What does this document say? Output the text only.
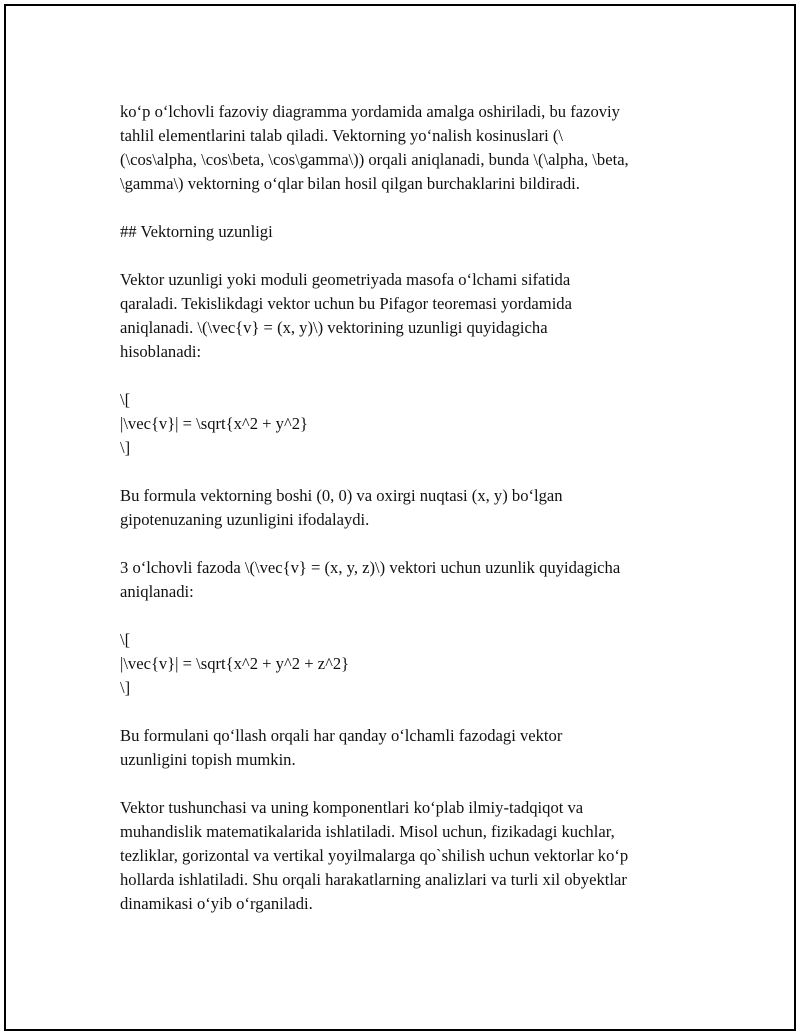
ko‘p o‘lchovli fazoviy diagramma yordamida amalga oshiriladi, bu fazoviy
tahlil elementlarini talab qiladi. Vektorning yo‘nalish kosinuslari (\
(\cos\alpha, \cos\beta, \cos\gamma\)) orqali aniqlanadi, bunda \(\alpha, \beta,
\gamma\) vektorning o‘qlar bilan hosil qilgan burchaklarini bildiradi.

## Vektorning uzunligi

Vektor uzunligi yoki moduli geometriyada masofa o‘lchami sifatida
qaraladi. Tekislikdagi vektor uchun bu Pifagor teoremasi yordamida
aniqlanadi. \(\vec{v} = (x, y)\) vektorining uzunligi quyidagicha
hisoblanadi:

\[
|\vec{v}| = \sqrt{x^2 + y^2}
\]

Bu formula vektorning boshi (0, 0) va oxirgi nuqtasi (x, y) bo‘lgan
gipotenuzaning uzunligini ifodalaydi.

3 o‘lchovli fazoda \(\vec{v} = (x, y, z)\) vektori uchun uzunlik quyidagicha
aniqlanadi:

\[
|\vec{v}| = \sqrt{x^2 + y^2 + z^2}
\]

Bu formulani qo‘llash orqali har qanday o‘lchamli fazodagi vektor
uzunligini topish mumkin.

Vektor tushunchasi va uning komponentlari ko‘plab ilmiy-tadqiqot va
muhandislik matematikalarida ishlatiladi. Misol uchun, fizikadagi kuchlar,
tezliklar, gorizontal va vertikal yoyilmalarga qo`shilish uchun vektorlar ko‘p
hollarda ishlatiladi. Shu orqali harakatlarning analizlari va turli xil obyektlar
dinamikasi o‘yib o‘rganiladi.
